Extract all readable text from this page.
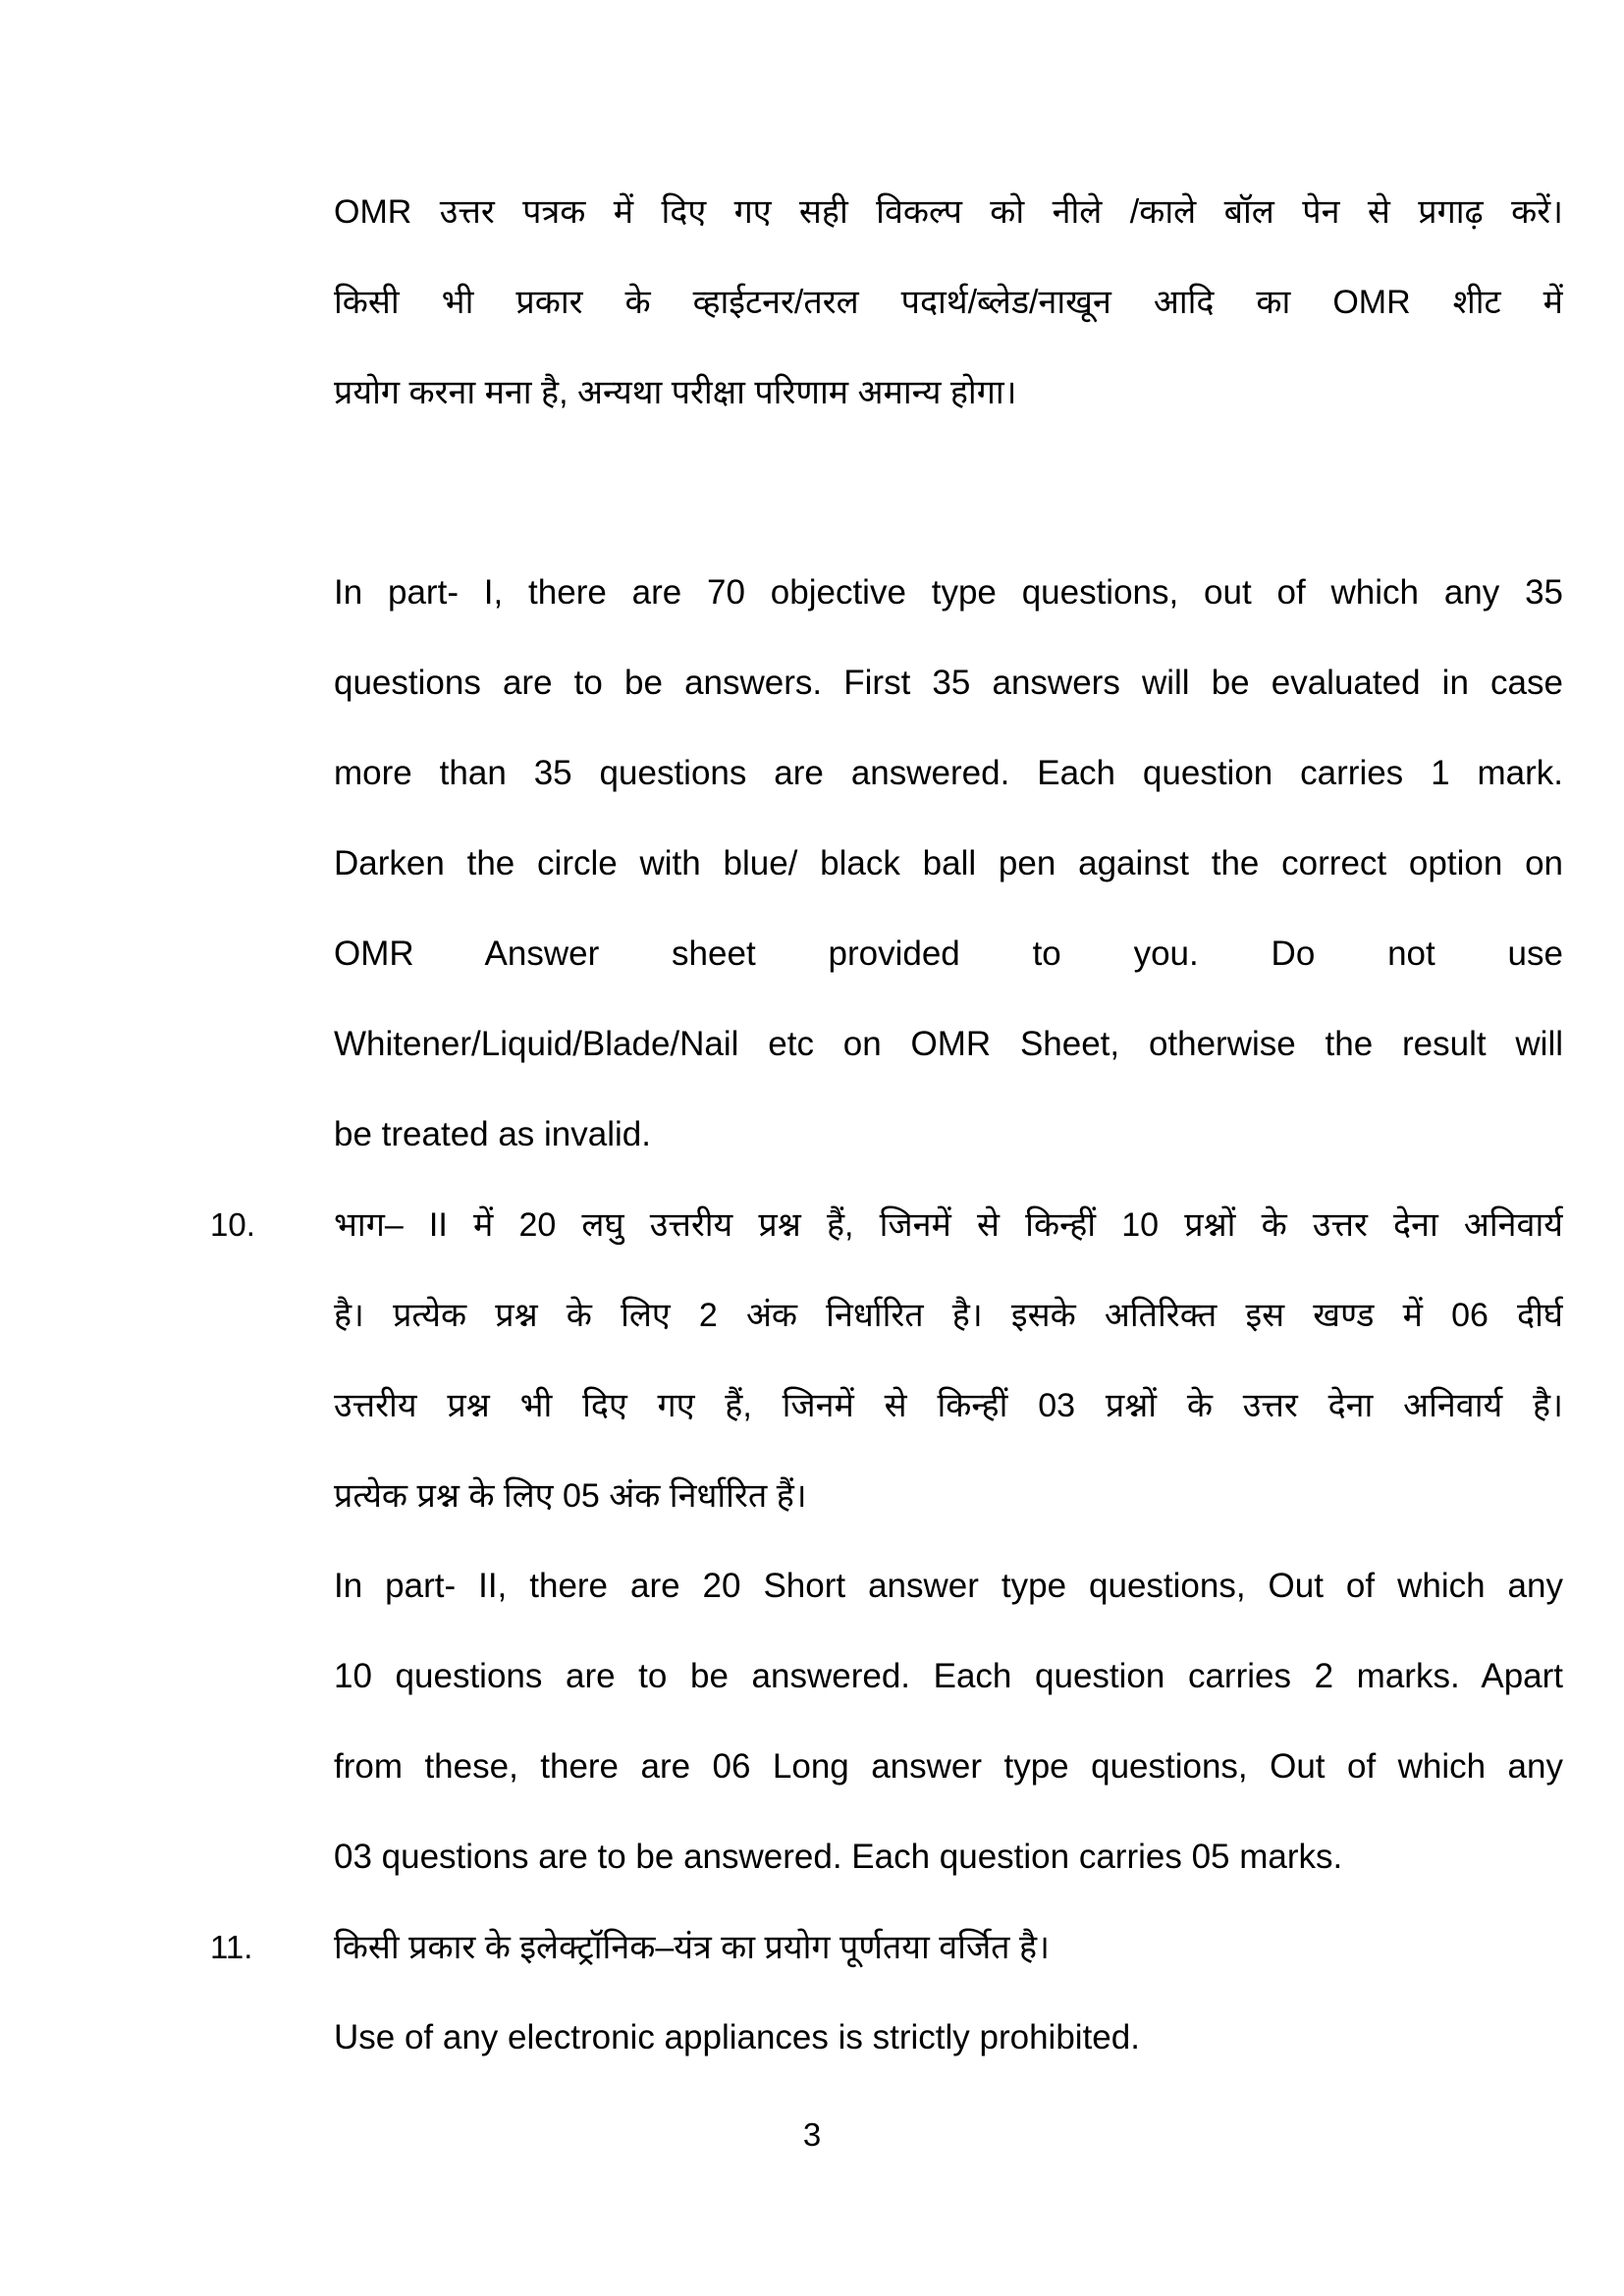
OMR उत्तर पत्रक में दिए गए सही विकल्प को नीले /काले बॉल पेन से प्रगाढ़ करें।
किसी भी प्रकार के व्हाईटनर/तरल पदार्थ/ब्लेड/नाखून आदि का OMR शीट में
प्रयोग करना मना है, अन्यथा परीक्षा परिणाम अमान्य होगा।
In part- I, there are 70 objective type questions, out of which any 35
questions are to be answers. First 35 answers will be evaluated in case
more than 35 questions are answered. Each question carries 1 mark.
Darken the circle with blue/ black ball pen against the correct option on
OMR Answer sheet provided to you. Do not use
Whitener/Liquid/Blade/Nail etc on OMR Sheet, otherwise the result will
be treated as invalid.
10.	भाग– II में 20 लघु उत्तरीय प्रश्न हैं, जिनमें से किन्हीं 10 प्रश्नों के उत्तर देना अनिवार्य
है। प्रत्येक प्रश्न के लिए 2 अंक निर्धारित है। इसके अतिरिक्त इस खण्ड में 06 दीर्घ
उत्तरीय प्रश्न भी दिए गए हैं, जिनमें से किन्हीं 03 प्रश्नों के उत्तर देना अनिवार्य है।
प्रत्येक प्रश्न के लिए 05 अंक निर्धारित हैं।
In part- II, there are 20 Short answer type questions, Out of which any
10 questions are to be answered. Each question carries 2 marks. Apart
from these, there are 06 Long answer type questions, Out of which any
03 questions are to be answered. Each question carries 05 marks.
11.	किसी प्रकार के इलेक्ट्रॉनिक–यंत्र का प्रयोग पूर्णतया वर्जित है।
Use of any electronic appliances is strictly prohibited.
3
